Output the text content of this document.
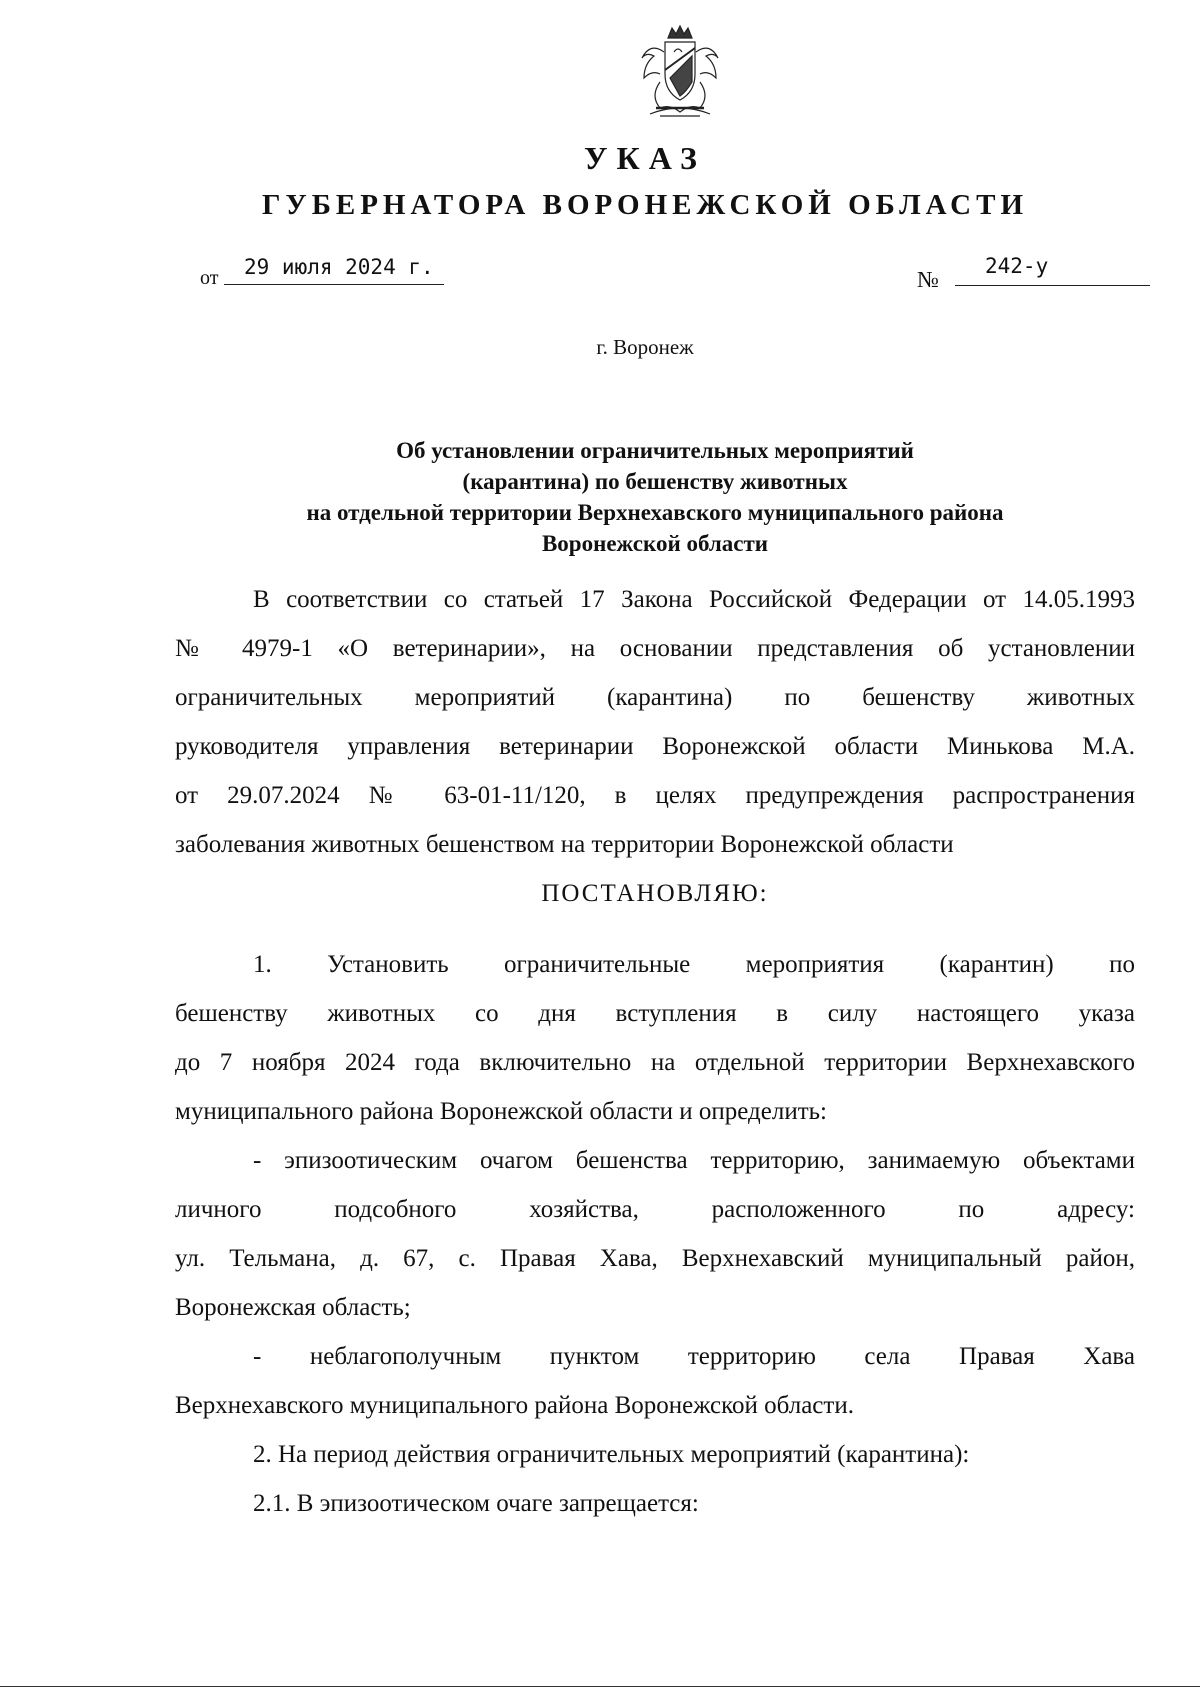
УКАЗ
ГУБЕРНАТОРА ВОРОНЕЖСКОЙ ОБЛАСТИ
от	29 июля 2024 г.	№
242-у
г. Воронеж
Об установлении ограничительных мероприятий
(карантина) по бешенству животных
на отдельной территории Верхнехавского муниципального района
Воронежской области
В соответствии со статьей 17 Закона Российской Федерации от 14.05.1993
№ 4979-1 «О ветеринарии», на основании представления об установлении
ограничительных мероприятий (карантина) по бешенству животных
руководителя управления ветеринарии Воронежской области Минькова М.А.
от 29.07.2024 № 63-01-11/120, в целях предупреждения распространения
заболевания животных бешенством на территории Воронежской области
ПОСТАНОВЛЯЮ:
1. Установить ограничительные мероприятия (карантин) по
бешенству животных со дня вступления в силу настоящего указа
до 7 ноября 2024 года включительно на отдельной территории Верхнехавского
муниципального района Воронежской области и определить:
- эпизоотическим очагом бешенства территорию, занимаемую объектами
личного подсобного хозяйства, расположенного по адресу:
ул. Тельмана, д. 67, с. Правая Хава, Верхнехавский муниципальный район,
Воронежская область;
- неблагополучным пунктом территорию села Правая Хава
Верхнехавского муниципального района Воронежской области.
2. На период действия ограничительных мероприятий (карантина):
2.1. В эпизоотическом очаге запрещается:
